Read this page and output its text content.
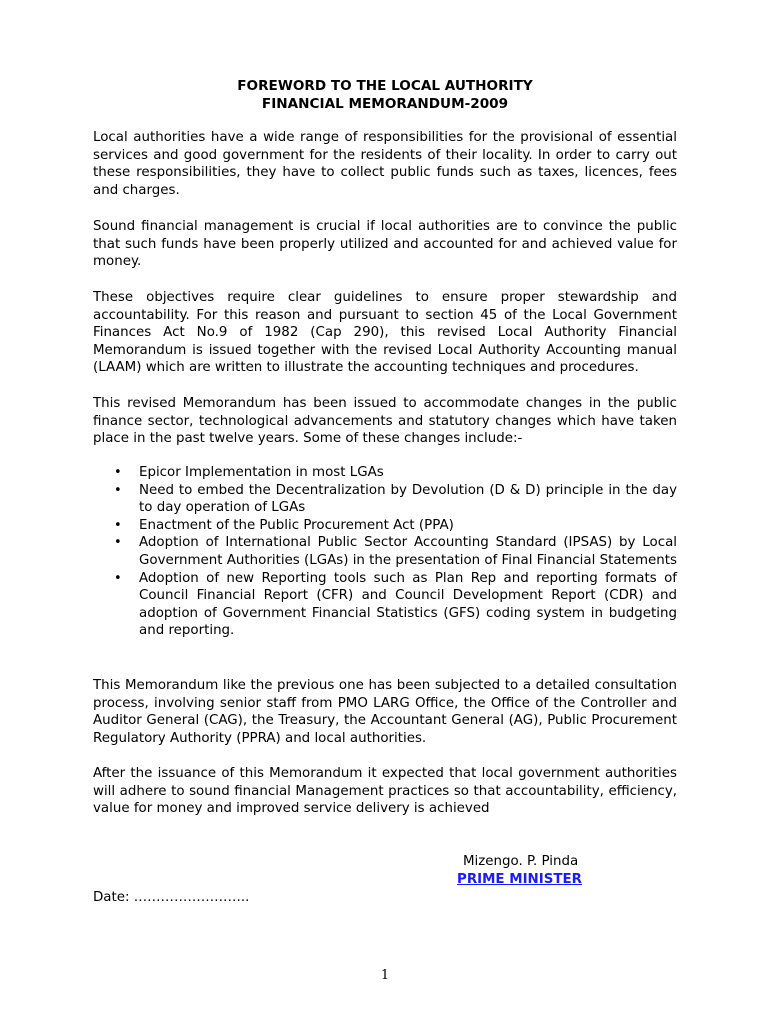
FOREWORD TO THE LOCAL AUTHORITY
FINANCIAL MEMORANDUM-2009

Local authorities have a wide range of responsibilities for the provisional of essential services and good government for the residents of their locality. In order to carry out these responsibilities, they have to collect public funds such as taxes, licences, fees and charges.

Sound financial management is crucial if local authorities are to convince the public that such funds have been properly utilized and accounted for and achieved value for money.

These objectives require clear guidelines to ensure proper stewardship and accountability. For this reason and pursuant to section 45 of the Local Government Finances Act No.9 of 1982 (Cap 290), this revised Local Authority Financial Memorandum is issued together with the revised Local Authority Accounting manual (LAAM) which are written to illustrate the accounting techniques and procedures.

This revised Memorandum has been issued to accommodate changes in the public finance sector, technological advancements and statutory changes which have taken place in the past twelve years. Some of these changes include:-

• Epicor Implementation in most LGAs
• Need to embed the Decentralization by Devolution (D & D) principle in the day to day operation of LGAs
• Enactment of the Public Procurement Act (PPA)
• Adoption of International Public Sector Accounting Standard (IPSAS) by Local Government Authorities (LGAs) in the presentation of Final Financial Statements
• Adoption of new Reporting tools such as Plan Rep and reporting formats of Council Financial Report (CFR) and Council Development Report (CDR) and adoption of Government Financial Statistics (GFS) coding system in budgeting and reporting.

This Memorandum like the previous one has been subjected to a detailed consultation process, involving senior staff from PMO LARG Office, the Office of the Controller and Auditor General (CAG), the Treasury, the Accountant General (AG), Public Procurement Regulatory Authority (PPRA) and local authorities.

After the issuance of this Memorandum it expected that local government authorities will adhere to sound financial Management practices so that accountability, efficiency, value for money and improved service delivery is achieved

Mizengo. P. Pinda
PRIME MINISTER
Date: ……………………..
1
